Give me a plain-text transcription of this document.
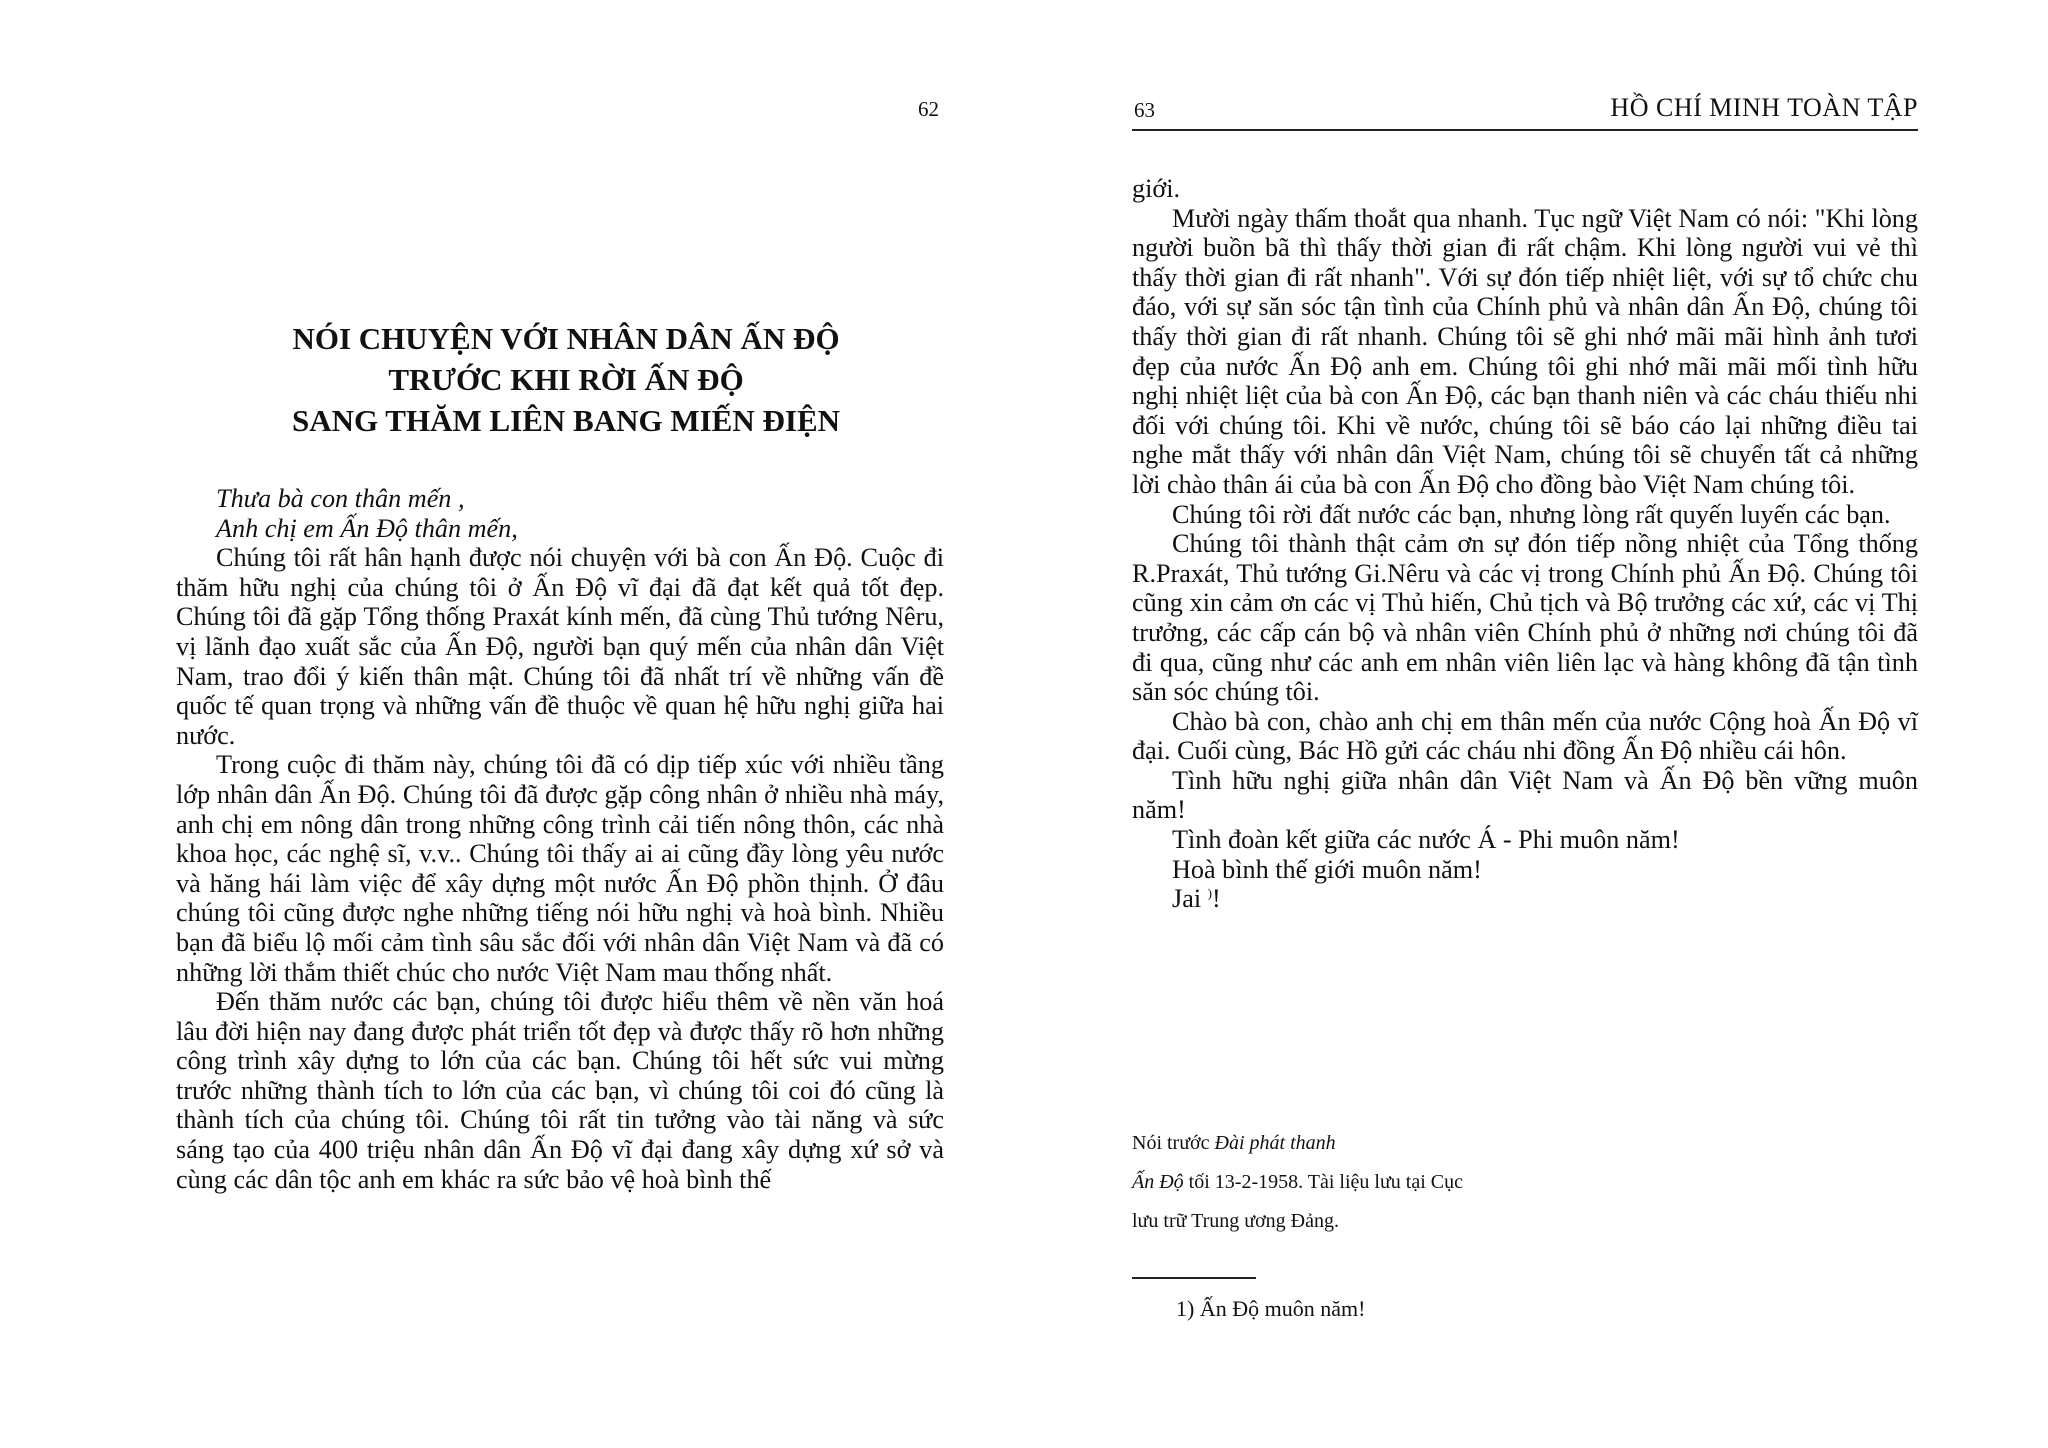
62
NÓI CHUYỆN VỚI NHÂN DÂN ẤN ĐỘ
TRƯỚC KHI RỜI ẤN ĐỘ
SANG THĂM LIÊN BANG MIẾN ĐIỆN

Thưa bà con thân mến ,

Anh chị em Ấn Độ thân mến,

Chúng tôi rất hân hạnh được nói chuyện với bà con Ấn Độ. Cuộc đi thăm hữu nghị của chúng tôi ở Ấn Độ vĩ đại đã đạt kết quả tốt đẹp. Chúng tôi đã gặp Tổng thống Praxát kính mến, đã cùng Thủ tướng Nêru, vị lãnh đạo xuất sắc của Ấn Độ, người bạn quý mến của nhân dân Việt Nam, trao đổi ý kiến thân mật. Chúng tôi đã nhất trí về những vấn đề quốc tế quan trọng và những vấn đề thuộc về quan hệ hữu nghị giữa hai nước.

Trong cuộc đi thăm này, chúng tôi đã có dịp tiếp xúc với nhiều tầng lớp nhân dân Ấn Độ. Chúng tôi đã được gặp công nhân ở nhiều nhà máy, anh chị em nông dân trong những công trình cải tiến nông thôn, các nhà khoa học, các nghệ sĩ, v.v.. Chúng tôi thấy ai ai cũng đầy lòng yêu nước và hăng hái làm việc để xây dựng một nước Ấn Độ phồn thịnh. Ở đâu chúng tôi cũng được nghe những tiếng nói hữu nghị và hoà bình. Nhiều bạn đã biểu lộ mối cảm tình sâu sắc đối với nhân dân Việt Nam và đã có những lời thắm thiết chúc cho nước Việt Nam mau thống nhất.

Đến thăm nước các bạn, chúng tôi được hiểu thêm về nền văn hoá lâu đời hiện nay đang được phát triển tốt đẹp và được thấy rõ hơn những công trình xây dựng to lớn của các bạn. Chúng tôi hết sức vui mừng trước những thành tích to lớn của các bạn, vì chúng tôi coi đó cũng là thành tích của chúng tôi. Chúng tôi rất tin tưởng vào tài năng và sức sáng tạo của 400 triệu nhân dân Ấn Độ vĩ đại đang xây dựng xứ sở và cùng các dân tộc anh em khác ra sức bảo vệ hoà bình thế

63	HỒ CHÍ MINH TOÀN TẬP

giới.

Mười ngày thấm thoắt qua nhanh. Tục ngữ Việt Nam có nói: "Khi lòng người buồn bã thì thấy thời gian đi rất chậm. Khi lòng người vui vẻ thì thấy thời gian đi rất nhanh". Với sự đón tiếp nhiệt liệt, với sự tổ chức chu đáo, với sự săn sóc tận tình của Chính phủ và nhân dân Ấn Độ, chúng tôi thấy thời gian đi rất nhanh. Chúng tôi sẽ ghi nhớ mãi mãi hình ảnh tươi đẹp của nước Ấn Độ anh em. Chúng tôi ghi nhớ mãi mãi mối tình hữu nghị nhiệt liệt của bà con Ấn Độ, các bạn thanh niên và các cháu thiếu nhi đối với chúng tôi. Khi về nước, chúng tôi sẽ báo cáo lại những điều tai nghe mắt thấy với nhân dân Việt Nam, chúng tôi sẽ chuyển tất cả những lời chào thân ái của bà con Ấn Độ cho đồng bào Việt Nam chúng tôi.

Chúng tôi rời đất nước các bạn, nhưng lòng rất quyến luyến các bạn.

Chúng tôi thành thật cảm ơn sự đón tiếp nồng nhiệt của Tổng thống R.Praxát, Thủ tướng Gi.Nêru và các vị trong Chính phủ Ấn Độ. Chúng tôi cũng xin cảm ơn các vị Thủ hiến, Chủ tịch và Bộ trưởng các xứ, các vị Thị trưởng, các cấp cán bộ và nhân viên Chính phủ ở những nơi chúng tôi đã đi qua, cũng như các anh em nhân viên liên lạc và hàng không đã tận tình săn sóc chúng tôi.

Chào bà con, chào anh chị em thân mến của nước Cộng hoà Ấn Độ vĩ đại. Cuối cùng, Bác Hồ gửi các cháu nhi đồng Ấn Độ nhiều cái hôn.

Tình hữu nghị giữa nhân dân Việt Nam và Ấn Độ bền vững muôn năm!

Tình đoàn kết giữa các nước Á - Phi muôn năm!

Hoà bình thế giới muôn năm!

Jai )!

Nói trước Đài phát thanh
Ấn Độ tối 13-2-1958. Tài liệu lưu tại Cục
lưu trữ Trung ương Đảng.
1) Ấn Độ muôn năm!
